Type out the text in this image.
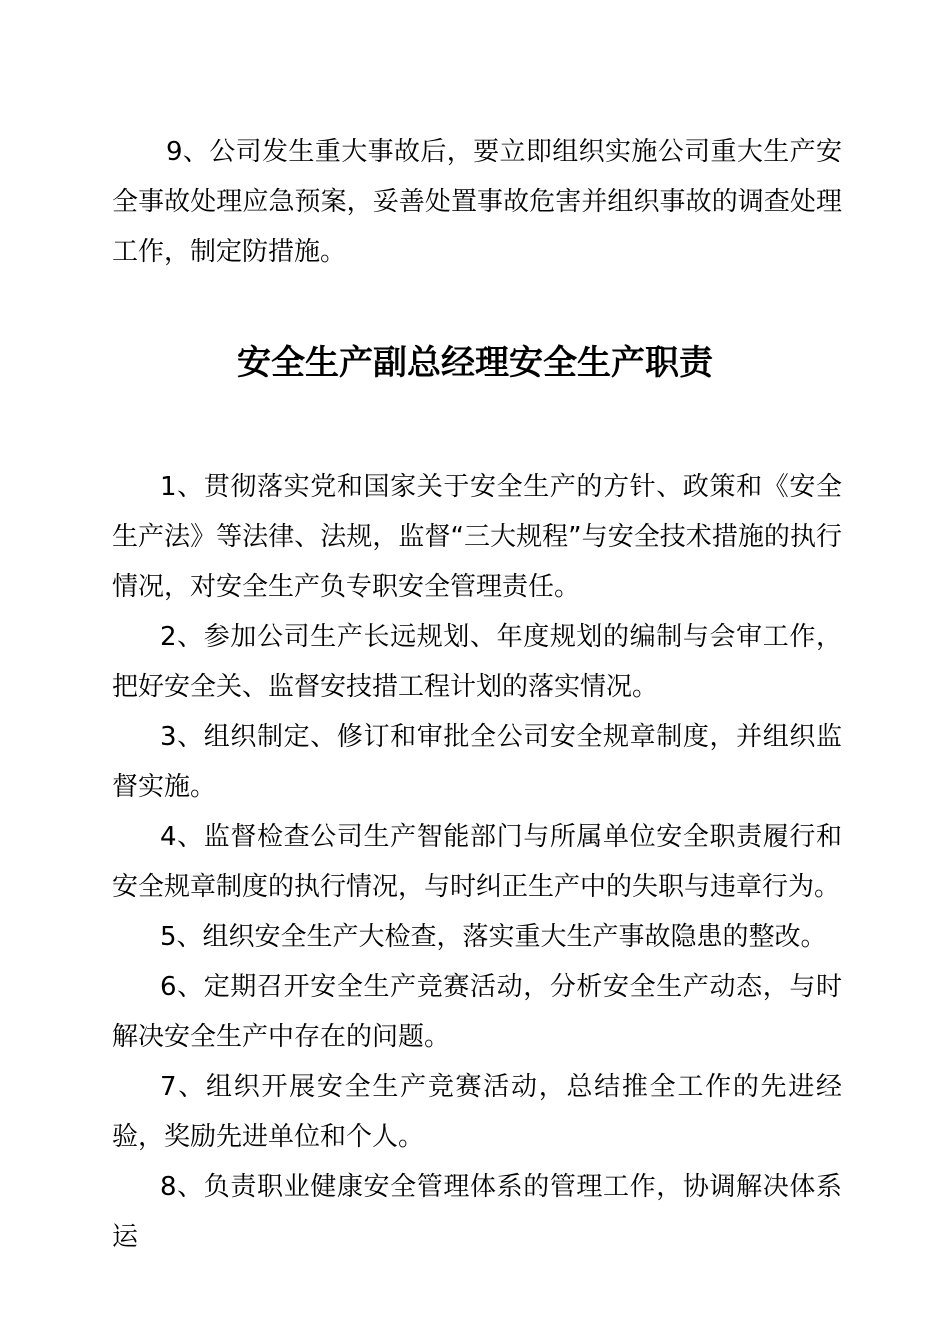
9、公司发生重大事故后，要立即组织实施公司重大生产安全事故处理应急预案，妥善处置事故危害并组织事故的调查处理工作，制定防措施。

安全生产副总经理安全生产职责

1、贯彻落实党和国家关于安全生产的方针、政策和《安全生产法》等法律、法规，监督“三大规程”与安全技术措施的执行情况，对安全生产负专职安全管理责任。

2、参加公司生产长远规划、年度规划的编制与会审工作，把好安全关、监督安技措工程计划的落实情况。

3、组织制定、修订和审批全公司安全规章制度，并组织监督实施。

4、监督检查公司生产智能部门与所属单位安全职责履行和安全规章制度的执行情况，与时纠正生产中的失职与违章行为。

5、组织安全生产大检查，落实重大生产事故隐患的整改。

6、定期召开安全生产竞赛活动，分析安全生产动态，与时解决安全生产中存在的问题。

7、组织开展安全生产竞赛活动，总结推全工作的先进经验，奖励先进单位和个人。

8、负责职业健康安全管理体系的管理工作，协调解决体系运
